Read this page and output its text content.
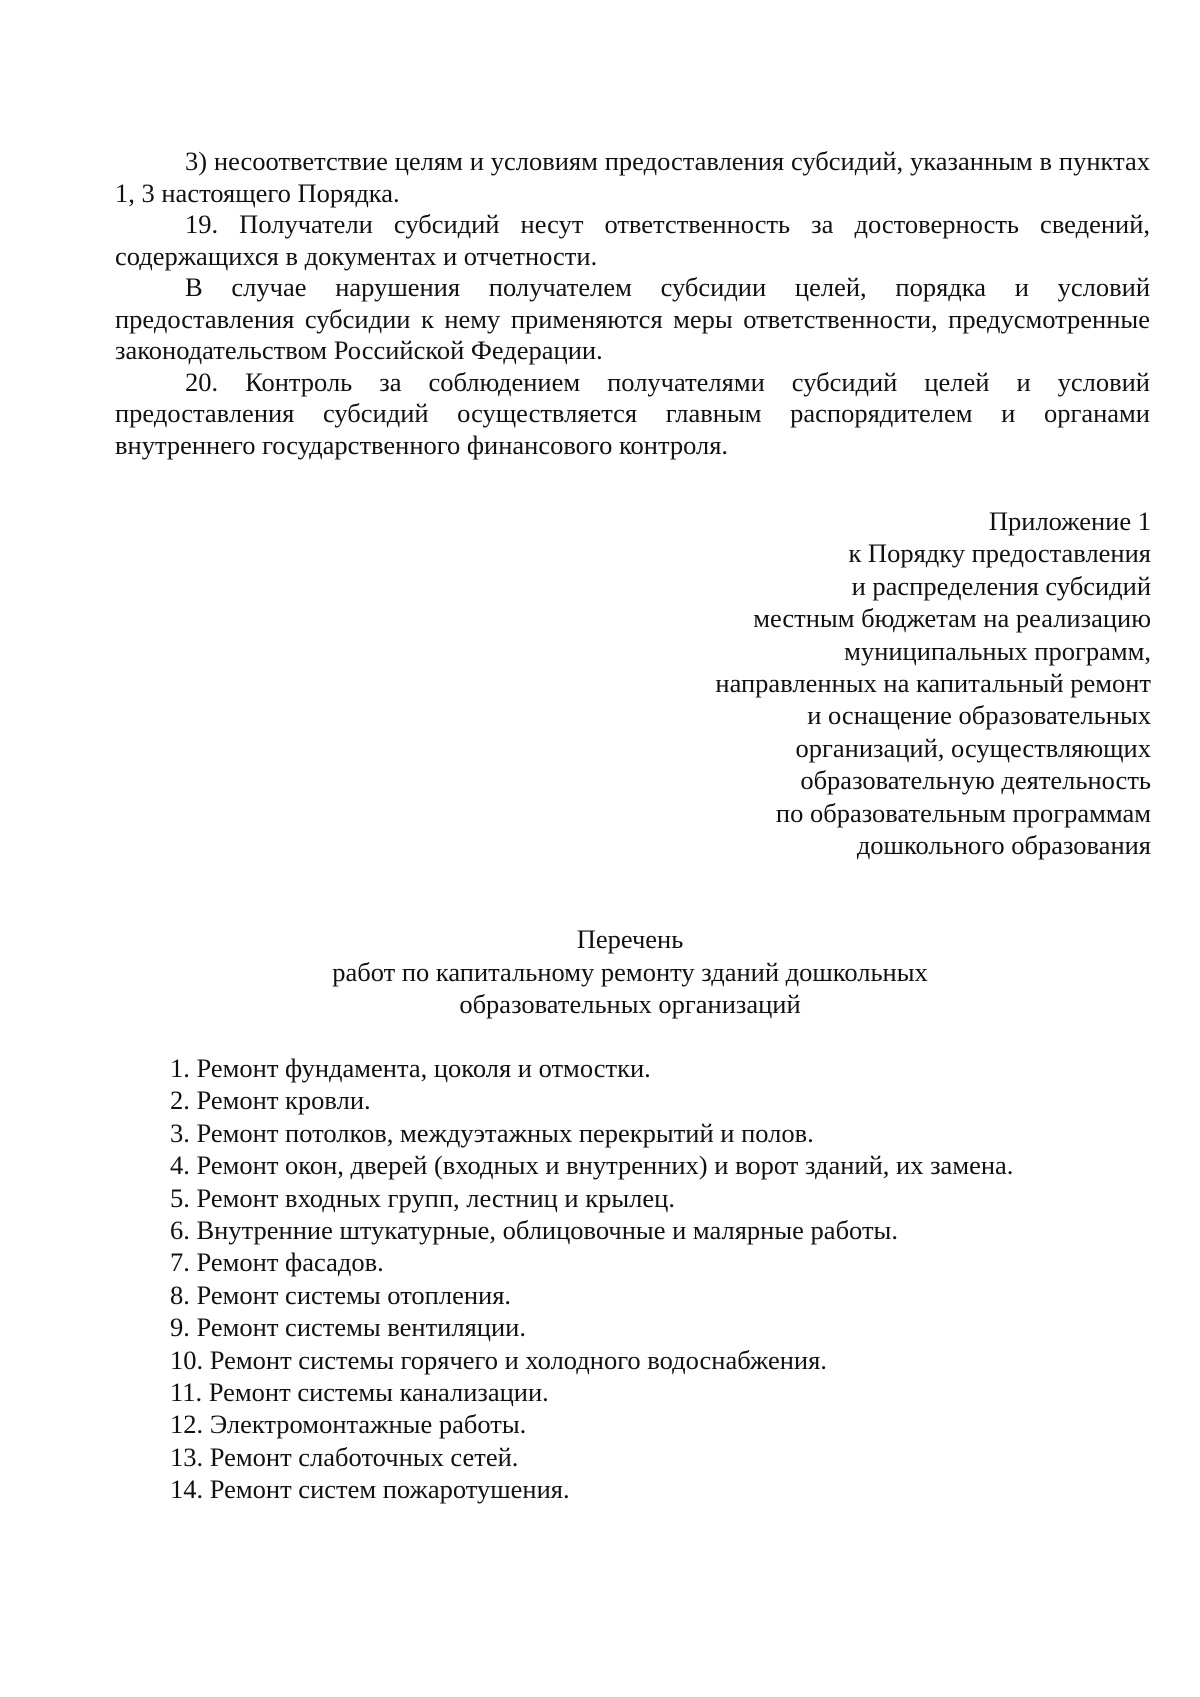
3) несоответствие целям и условиям предоставления субсидий, указанным в пунктах 1, 3 настоящего Порядка.

19. Получатели субсидий несут ответственность за достоверность сведений, содержащихся в документах и отчетности.

В случае нарушения получателем субсидии целей, порядка и условий предоставления субсидии к нему применяются меры ответственности, предусмотренные законодательством Российской Федерации.

20. Контроль за соблюдением получателями субсидий целей и условий предоставления субсидий осуществляется главным распорядителем и органами внутреннего государственного финансового контроля.

Приложение 1
к Порядку предоставления
и распределения субсидий
местным бюджетам на реализацию
муниципальных программ,
направленных на капитальный ремонт
и оснащение образовательных
организаций, осуществляющих
образовательную деятельность
по образовательным программам
дошкольного образования
Перечень
работ по капитальному ремонту зданий дошкольных
образовательных организаций
1. Ремонт фундамента, цоколя и отмостки.
2. Ремонт кровли.
3. Ремонт потолков, междуэтажных перекрытий и полов.
4. Ремонт окон, дверей (входных и внутренних) и ворот зданий, их замена.
5. Ремонт входных групп, лестниц и крылец.
6. Внутренние штукатурные, облицовочные и малярные работы.
7. Ремонт фасадов.
8. Ремонт системы отопления.
9. Ремонт системы вентиляции.
10. Ремонт системы горячего и холодного водоснабжения.
11. Ремонт системы канализации.
12. Электромонтажные работы.
13. Ремонт слаботочных сетей.
14. Ремонт систем пожаротушения.
